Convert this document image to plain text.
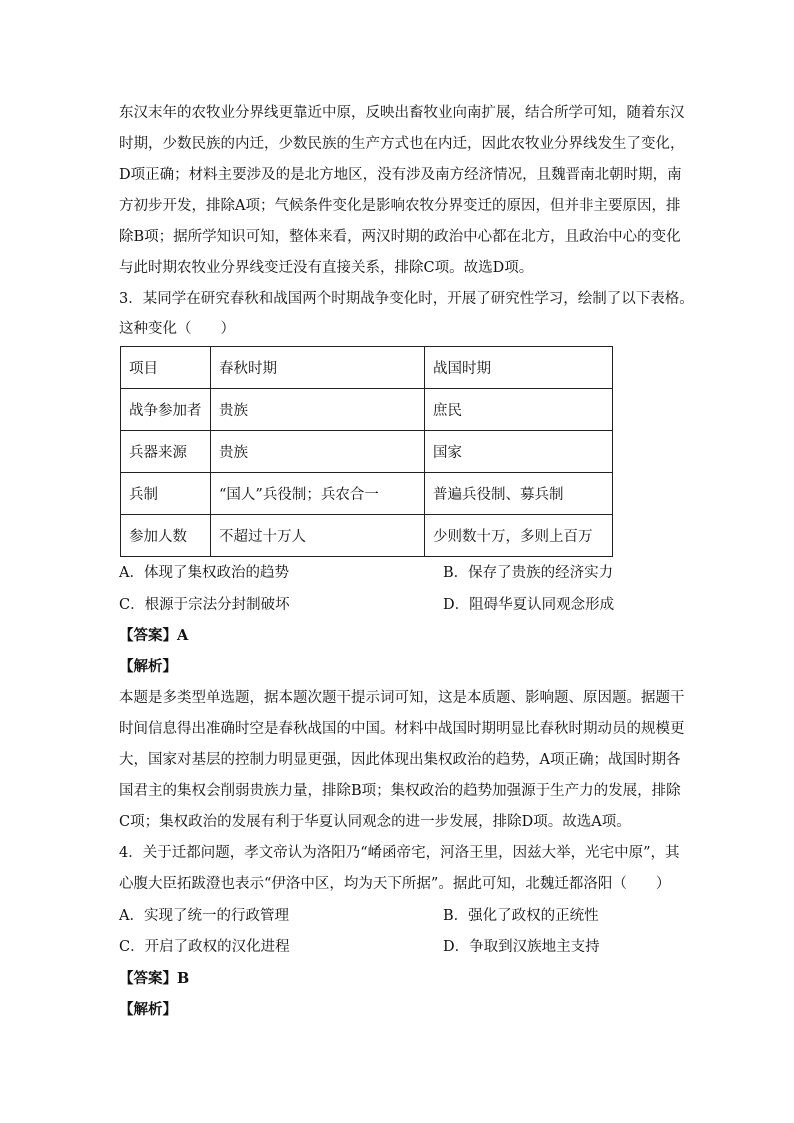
东汉末年的农牧业分界线更靠近中原，反映出畜牧业向南扩展，结合所学可知，随着东汉
时期，少数民族的内迁，少数民族的生产方式也在内迁，因此农牧业分界线发生了变化，
D项正确；材料主要涉及的是北方地区，没有涉及南方经济情况，且魏晋南北朝时期，南
方初步开发，排除A项；气候条件变化是影响农牧分界变迁的原因，但并非主要原因，排
除B项；据所学知识可知，整体来看，两汉时期的政治中心都在北方，且政治中心的变化
与此时期农牧业分界线变迁没有直接关系，排除C项。故选D项。
3．某同学在研究春秋和战国两个时期战争变化时，开展了研究性学习，绘制了以下表格。
这种变化（　　）
项目	春秋时期	战国时期
战争参加者	贵族	庶民
兵器来源	贵族	国家
兵制	“国人”兵役制；兵农合一	普遍兵役制、募兵制
参加人数	不超过十万人	少则数十万，多则上百万
A．体现了集权政治的趋势	B．保存了贵族的经济实力
C．根源于宗法分封制破坏	D．阻碍华夏认同观念形成
【答案】A
【解析】
本题是多类型单选题，据本题次题干提示词可知，这是本质题、影响题、原因题。据题干
时间信息得出准确时空是春秋战国的中国。材料中战国时期明显比春秋时期动员的规模更
大，国家对基层的控制力明显更强，因此体现出集权政治的趋势，A项正确；战国时期各
国君主的集权会削弱贵族力量，排除B项；集权政治的趋势加强源于生产力的发展，排除
C项；集权政治的发展有利于华夏认同观念的进一步发展，排除D项。故选A项。
4．关于迁都问题，孝文帝认为洛阳乃“崤函帝宅，河洛王里，因兹大举，光宅中原”，其
心腹大臣拓跋澄也表示“伊洛中区，均为天下所据”。据此可知，北魏迁都洛阳（　　）
A．实现了统一的行政管理	B．强化了政权的正统性
C．开启了政权的汉化进程	D．争取到汉族地主支持
【答案】B
【解析】
